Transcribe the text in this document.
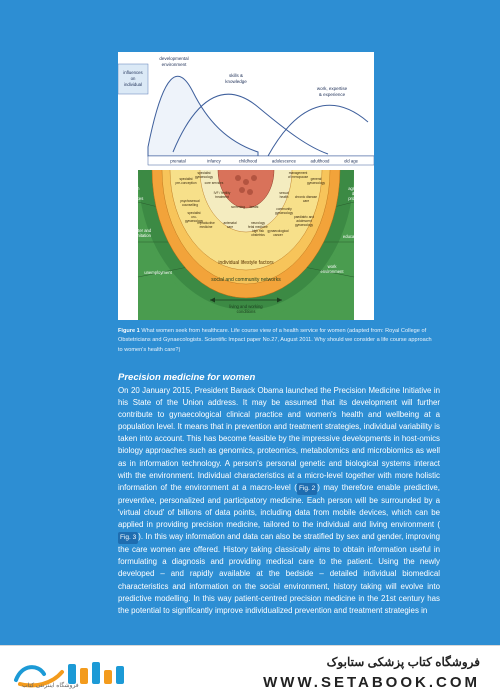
influences
on
individual
developmental
environment
skills &
knowledge
work, expertise
& experience
prenatal	infancy	childhood	adolescence	adulthood	old age
health
care
services
water and
sanitation
unemployment
agriculture
& food
production
education
work
environment
social and community networks
individual lifestyle factors
living and working
conditions
specialist
pre-conception
specialist
gynaecology
management
of menopause
psychosexual
counselling
general
gynaecology
chronic disease
care
reproductive
medicine
specialist
uro-
gynaecology
paediatric and
adolescent
gynaecology
community
gynaecology
sexual
health
IVF / fertility
treatment
core services
neurology
fetal medicine
high risk
obstetrics
gynaecological
cancer
antenatal
care
screening breast
Figure 1 What women seek from healthcare. Life course view of a health service for women (adapted from: Royal College of Obstetricians and Gynaecologists. Scientific Impact paper No.27, August 2011. Why should we consider a life course approach to women's health care?)
Precision medicine for women
On 20 January 2015, President Barack Obama launched the Precision Medicine Initiative in his State of the Union address. It may be assumed that its development will further contribute to gynaecological clinical practice and women's health and wellbeing at a population level. It means that in prevention and treatment strategies, individual variability is taken into account. This has become feasible by the impressive developments in host-omics biology approaches such as genomics, proteomics, metabolomics and microbiomics as well as in information technology. A person's personal genetic and biological systems interact with the environment. Individual characteristics at a micro-level together with more holistic information of the environment at a macro-level ( Fig. 2 ) may therefore enable predictive, preventive, personalized and participatory medicine. Each person will be surrounded by a 'virtual cloud' of billions of data points, including data from mobile devices, which can be applied in providing precision medicine, tailored to the individual and living environment (Fig. 3 ). In this way information and data can also be stratified by sex and gender, improving the care women are offered. History taking classically aims to obtain information useful in formulating a diagnosis and providing medical care to the patient. Using the newly developed – and rapidly available at the bedside – detailed individual biomedical characteristics and information on the social environment, history taking will evolve into predictive modelling. In this way patient-centred precision medicine in the 21st century has the potential to significantly improve individualized prevention and treatment strategies in
ستابوک
فروشگاه اینترنتی کتاب
فروشگاه کتاب پزشکی ستابوک
WWW.SETABOOK.COM
